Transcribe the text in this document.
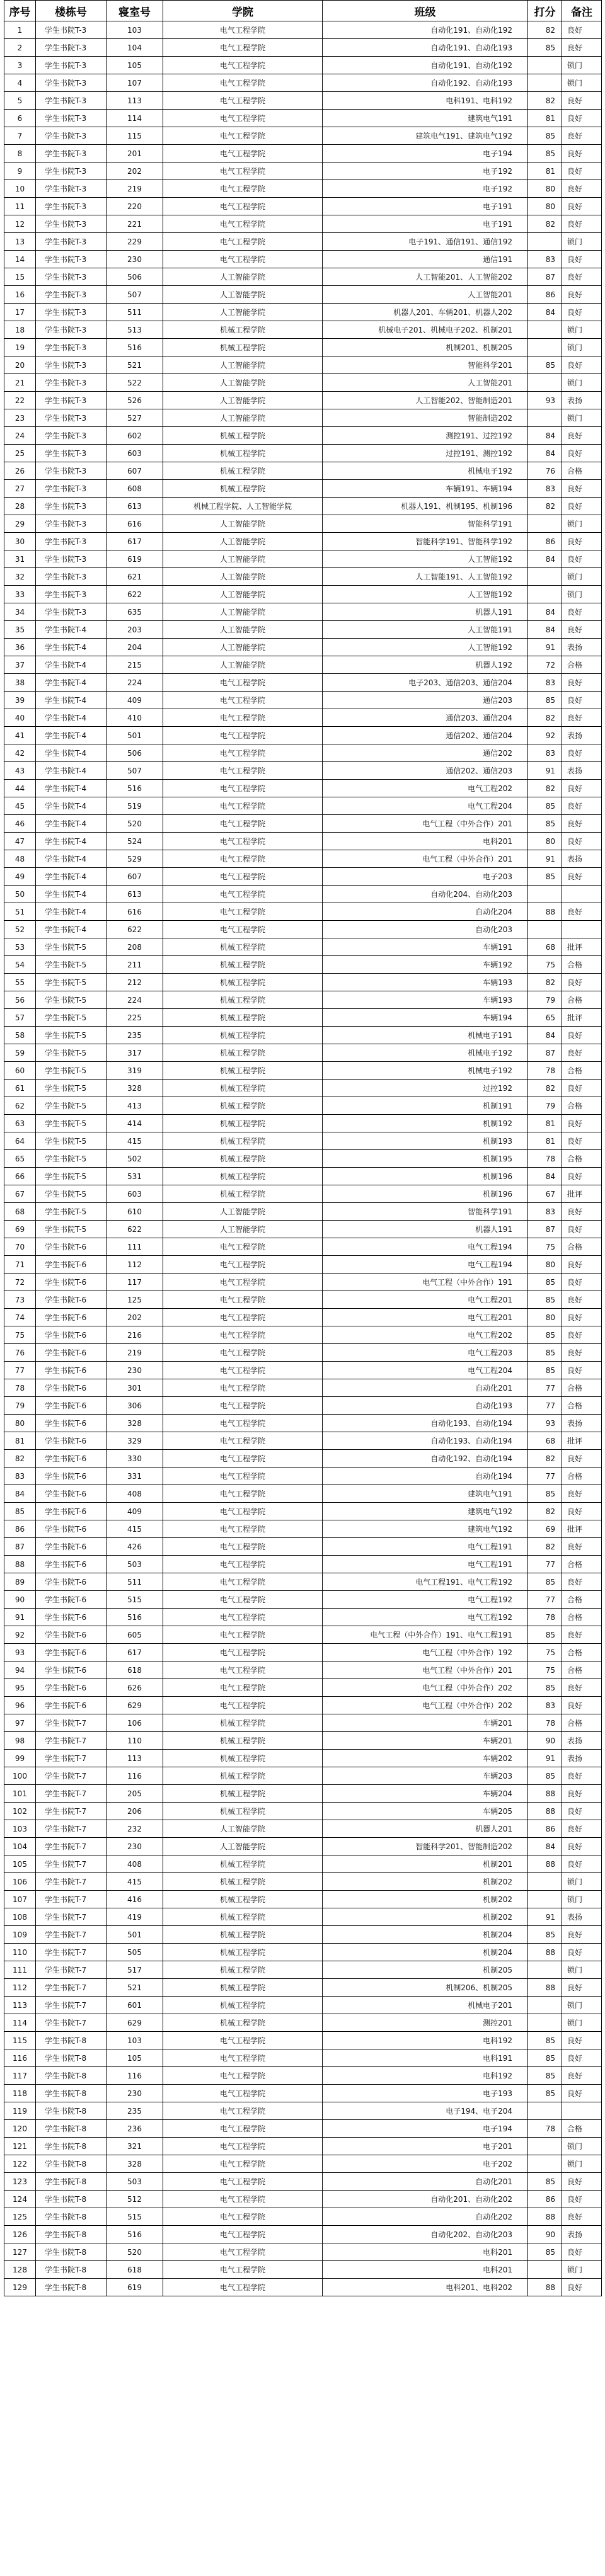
序号	楼栋号	寝室号	学院	班级	打分	备注
1	学生书院T-3	103	电气工程学院	自动化191、自动化192	82	良好
2	学生书院T-3	104	电气工程学院	自动化191、自动化193	85	良好
3	学生书院T-3	105	电气工程学院	自动化191、自动化192		锁门
4	学生书院T-3	107	电气工程学院	自动化192、自动化193		锁门
5	学生书院T-3	113	电气工程学院	电科191、电科192	82	良好
6	学生书院T-3	114	电气工程学院	建筑电气191	81	良好
7	学生书院T-3	115	电气工程学院	建筑电气191、建筑电气192	85	良好
8	学生书院T-3	201	电气工程学院	电子194	85	良好
9	学生书院T-3	202	电气工程学院	电子192	81	良好
10	学生书院T-3	219	电气工程学院	电子192	80	良好
11	学生书院T-3	220	电气工程学院	电子191	80	良好
12	学生书院T-3	221	电气工程学院	电子191	82	良好
13	学生书院T-3	229	电气工程学院	电子191、通信191、通信192		锁门
14	学生书院T-3	230	电气工程学院	通信191	83	良好
15	学生书院T-3	506	人工智能学院	人工智能201、人工智能202	87	良好
16	学生书院T-3	507	人工智能学院	人工智能201	86	良好
17	学生书院T-3	511	人工智能学院	机器人201、车辆201、机器人202	84	良好
18	学生书院T-3	513	机械工程学院	机械电子201、机械电子202、机制201		锁门
19	学生书院T-3	516	机械工程学院	机制201、机制205		锁门
20	学生书院T-3	521	人工智能学院	智能科学201	85	良好
21	学生书院T-3	522	人工智能学院	人工智能201		锁门
22	学生书院T-3	526	人工智能学院	人工智能202、智能制造201	93	表扬
23	学生书院T-3	527	人工智能学院	智能制造202		锁门
24	学生书院T-3	602	机械工程学院	测控191、过控192	84	良好
25	学生书院T-3	603	机械工程学院	过控191、测控192	84	良好
26	学生书院T-3	607	机械工程学院	机械电子192	76	合格
27	学生书院T-3	608	机械工程学院	车辆191、车辆194	83	良好
28	学生书院T-3	613	机械工程学院、人工智能学院	机器人191、机制195、机制196	82	良好
29	学生书院T-3	616	人工智能学院	智能科学191		锁门
30	学生书院T-3	617	人工智能学院	智能科学191、智能科学192	86	良好
31	学生书院T-3	619	人工智能学院	人工智能192	84	良好
32	学生书院T-3	621	人工智能学院	人工智能191、人工智能192		锁门
33	学生书院T-3	622	人工智能学院	人工智能192		锁门
34	学生书院T-3	635	人工智能学院	机器人191	84	良好
35	学生书院T-4	203	人工智能学院	人工智能191	84	良好
36	学生书院T-4	204	人工智能学院	人工智能192	91	表扬
37	学生书院T-4	215	人工智能学院	机器人192	72	合格
38	学生书院T-4	224	电气工程学院	电子203、通信203、通信204	83	良好
39	学生书院T-4	409	电气工程学院	通信203	85	良好
40	学生书院T-4	410	电气工程学院	通信203、通信204	82	良好
41	学生书院T-4	501	电气工程学院	通信202、通信204	92	表扬
42	学生书院T-4	506	电气工程学院	通信202	83	良好
43	学生书院T-4	507	电气工程学院	通信202、通信203	91	表扬
44	学生书院T-4	516	电气工程学院	电气工程202	82	良好
45	学生书院T-4	519	电气工程学院	电气工程204	85	良好
46	学生书院T-4	520	电气工程学院	电气工程（中外合作）201	85	良好
47	学生书院T-4	524	电气工程学院	电科201	80	良好
48	学生书院T-4	529	电气工程学院	电气工程（中外合作）201	91	表扬
49	学生书院T-4	607	电气工程学院	电子203	85	良好
50	学生书院T-4	613	电气工程学院	自动化204、自动化203		
51	学生书院T-4	616	电气工程学院	自动化204	88	良好
52	学生书院T-4	622	电气工程学院	自动化203		
53	学生书院T-5	208	机械工程学院	车辆191	68	批评
54	学生书院T-5	211	机械工程学院	车辆192	75	合格
55	学生书院T-5	212	机械工程学院	车辆193	82	良好
56	学生书院T-5	224	机械工程学院	车辆193	79	合格
57	学生书院T-5	225	机械工程学院	车辆194	65	批评
58	学生书院T-5	235	机械工程学院	机械电子191	84	良好
59	学生书院T-5	317	机械工程学院	机械电子192	87	良好
60	学生书院T-5	319	机械工程学院	机械电子192	78	合格
61	学生书院T-5	328	机械工程学院	过控192	82	良好
62	学生书院T-5	413	机械工程学院	机制191	79	合格
63	学生书院T-5	414	机械工程学院	机制192	81	良好
64	学生书院T-5	415	机械工程学院	机制193	81	良好
65	学生书院T-5	502	机械工程学院	机制195	78	合格
66	学生书院T-5	531	机械工程学院	机制196	84	良好
67	学生书院T-5	603	机械工程学院	机制196	67	批评
68	学生书院T-5	610	人工智能学院	智能科学191	83	良好
69	学生书院T-5	622	人工智能学院	机器人191	87	良好
70	学生书院T-6	111	电气工程学院	电气工程194	75	合格
71	学生书院T-6	112	电气工程学院	电气工程194	80	良好
72	学生书院T-6	117	电气工程学院	电气工程（中外合作）191	85	良好
73	学生书院T-6	125	电气工程学院	电气工程201	85	良好
74	学生书院T-6	202	电气工程学院	电气工程201	80	良好
75	学生书院T-6	216	电气工程学院	电气工程202	85	良好
76	学生书院T-6	219	电气工程学院	电气工程203	85	良好
77	学生书院T-6	230	电气工程学院	电气工程204	85	良好
78	学生书院T-6	301	电气工程学院	自动化201	77	合格
79	学生书院T-6	306	电气工程学院	自动化193	77	合格
80	学生书院T-6	328	电气工程学院	自动化193、自动化194	93	表扬
81	学生书院T-6	329	电气工程学院	自动化193、自动化194	68	批评
82	学生书院T-6	330	电气工程学院	自动化192、自动化194	82	良好
83	学生书院T-6	331	电气工程学院	自动化194	77	合格
84	学生书院T-6	408	电气工程学院	建筑电气191	85	良好
85	学生书院T-6	409	电气工程学院	建筑电气192	82	良好
86	学生书院T-6	415	电气工程学院	建筑电气192	69	批评
87	学生书院T-6	426	电气工程学院	电气工程191	82	良好
88	学生书院T-6	503	电气工程学院	电气工程191	77	合格
89	学生书院T-6	511	电气工程学院	电气工程191、电气工程192	85	良好
90	学生书院T-6	515	电气工程学院	电气工程192	77	合格
91	学生书院T-6	516	电气工程学院	电气工程192	78	合格
92	学生书院T-6	605	电气工程学院	电气工程（中外合作）191、电气工程191	85	良好
93	学生书院T-6	617	电气工程学院	电气工程（中外合作）192	75	合格
94	学生书院T-6	618	电气工程学院	电气工程（中外合作）201	75	合格
95	学生书院T-6	626	电气工程学院	电气工程（中外合作）202	85	良好
96	学生书院T-6	629	电气工程学院	电气工程（中外合作）202	83	良好
97	学生书院T-7	106	机械工程学院	车辆201	78	合格
98	学生书院T-7	110	机械工程学院	车辆201	90	表扬
99	学生书院T-7	113	机械工程学院	车辆202	91	表扬
100	学生书院T-7	116	机械工程学院	车辆203	85	良好
101	学生书院T-7	205	机械工程学院	车辆204	88	良好
102	学生书院T-7	206	机械工程学院	车辆205	88	良好
103	学生书院T-7	232	人工智能学院	机器人201	86	良好
104	学生书院T-7	230	人工智能学院	智能科学201、智能制造202	84	良好
105	学生书院T-7	408	机械工程学院	机制201	88	良好
106	学生书院T-7	415	机械工程学院	机制202		锁门
107	学生书院T-7	416	机械工程学院	机制202		锁门
108	学生书院T-7	419	机械工程学院	机制202	91	表扬
109	学生书院T-7	501	机械工程学院	机制204	85	良好
110	学生书院T-7	505	机械工程学院	机制204	88	良好
111	学生书院T-7	517	机械工程学院	机制205		锁门
112	学生书院T-7	521	机械工程学院	机制206、机制205	88	良好
113	学生书院T-7	601	机械工程学院	机械电子201		锁门
114	学生书院T-7	629	机械工程学院	测控201		锁门
115	学生书院T-8	103	电气工程学院	电科192	85	良好
116	学生书院T-8	105	电气工程学院	电科191	85	良好
117	学生书院T-8	116	电气工程学院	电科192	85	良好
118	学生书院T-8	230	电气工程学院	电子193	85	良好
119	学生书院T-8	235	电气工程学院	电子194、电子204		
120	学生书院T-8	236	电气工程学院	电子194	78	合格
121	学生书院T-8	321	电气工程学院	电子201		锁门
122	学生书院T-8	328	电气工程学院	电子202		锁门
123	学生书院T-8	503	电气工程学院	自动化201	85	良好
124	学生书院T-8	512	电气工程学院	自动化201、自动化202	86	良好
125	学生书院T-8	515	电气工程学院	自动化202	88	良好
126	学生书院T-8	516	电气工程学院	自动化202、自动化203	90	表扬
127	学生书院T-8	520	电气工程学院	电科201	85	良好
128	学生书院T-8	618	电气工程学院	电科201		锁门
129	学生书院T-8	619	电气工程学院	电科201、电科202	88	良好
